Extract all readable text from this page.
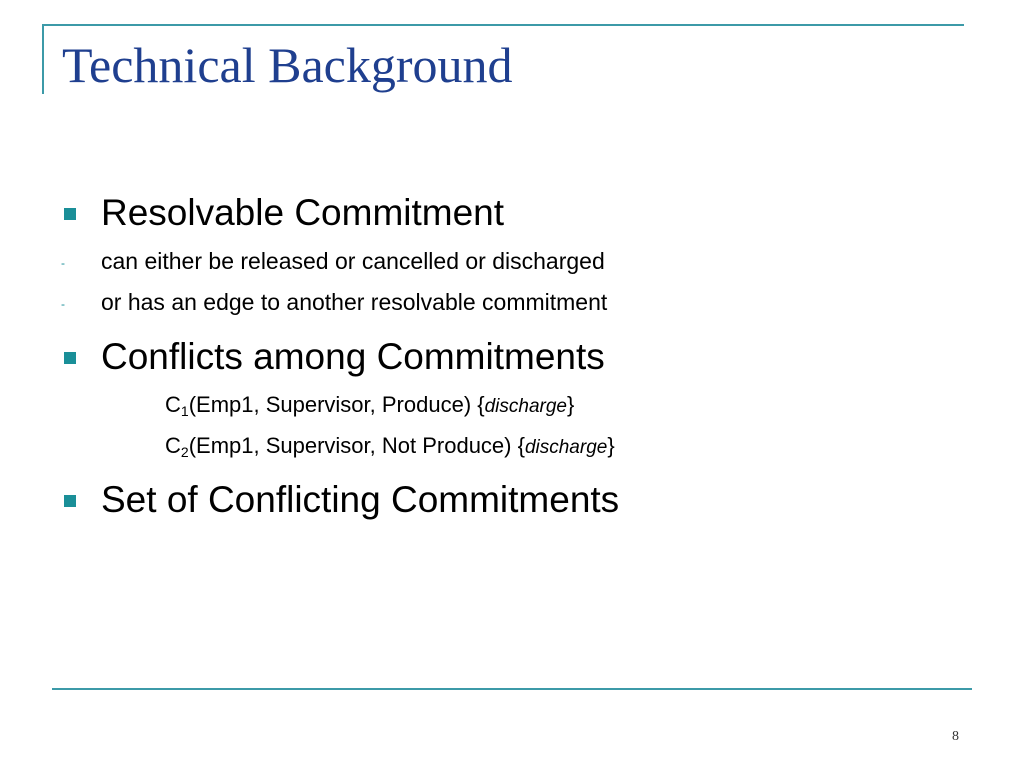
Technical Background
Resolvable Commitment
- can either be released or cancelled or discharged
- or has an edge to another resolvable commitment
Conflicts among Commitments
$C_1(Emp1$, Supervisor, Produce) {discharge}
$C_2(Emp1$, Supervisor, Not Produce) {discharge}
Set of Conflicting Commitments
8
